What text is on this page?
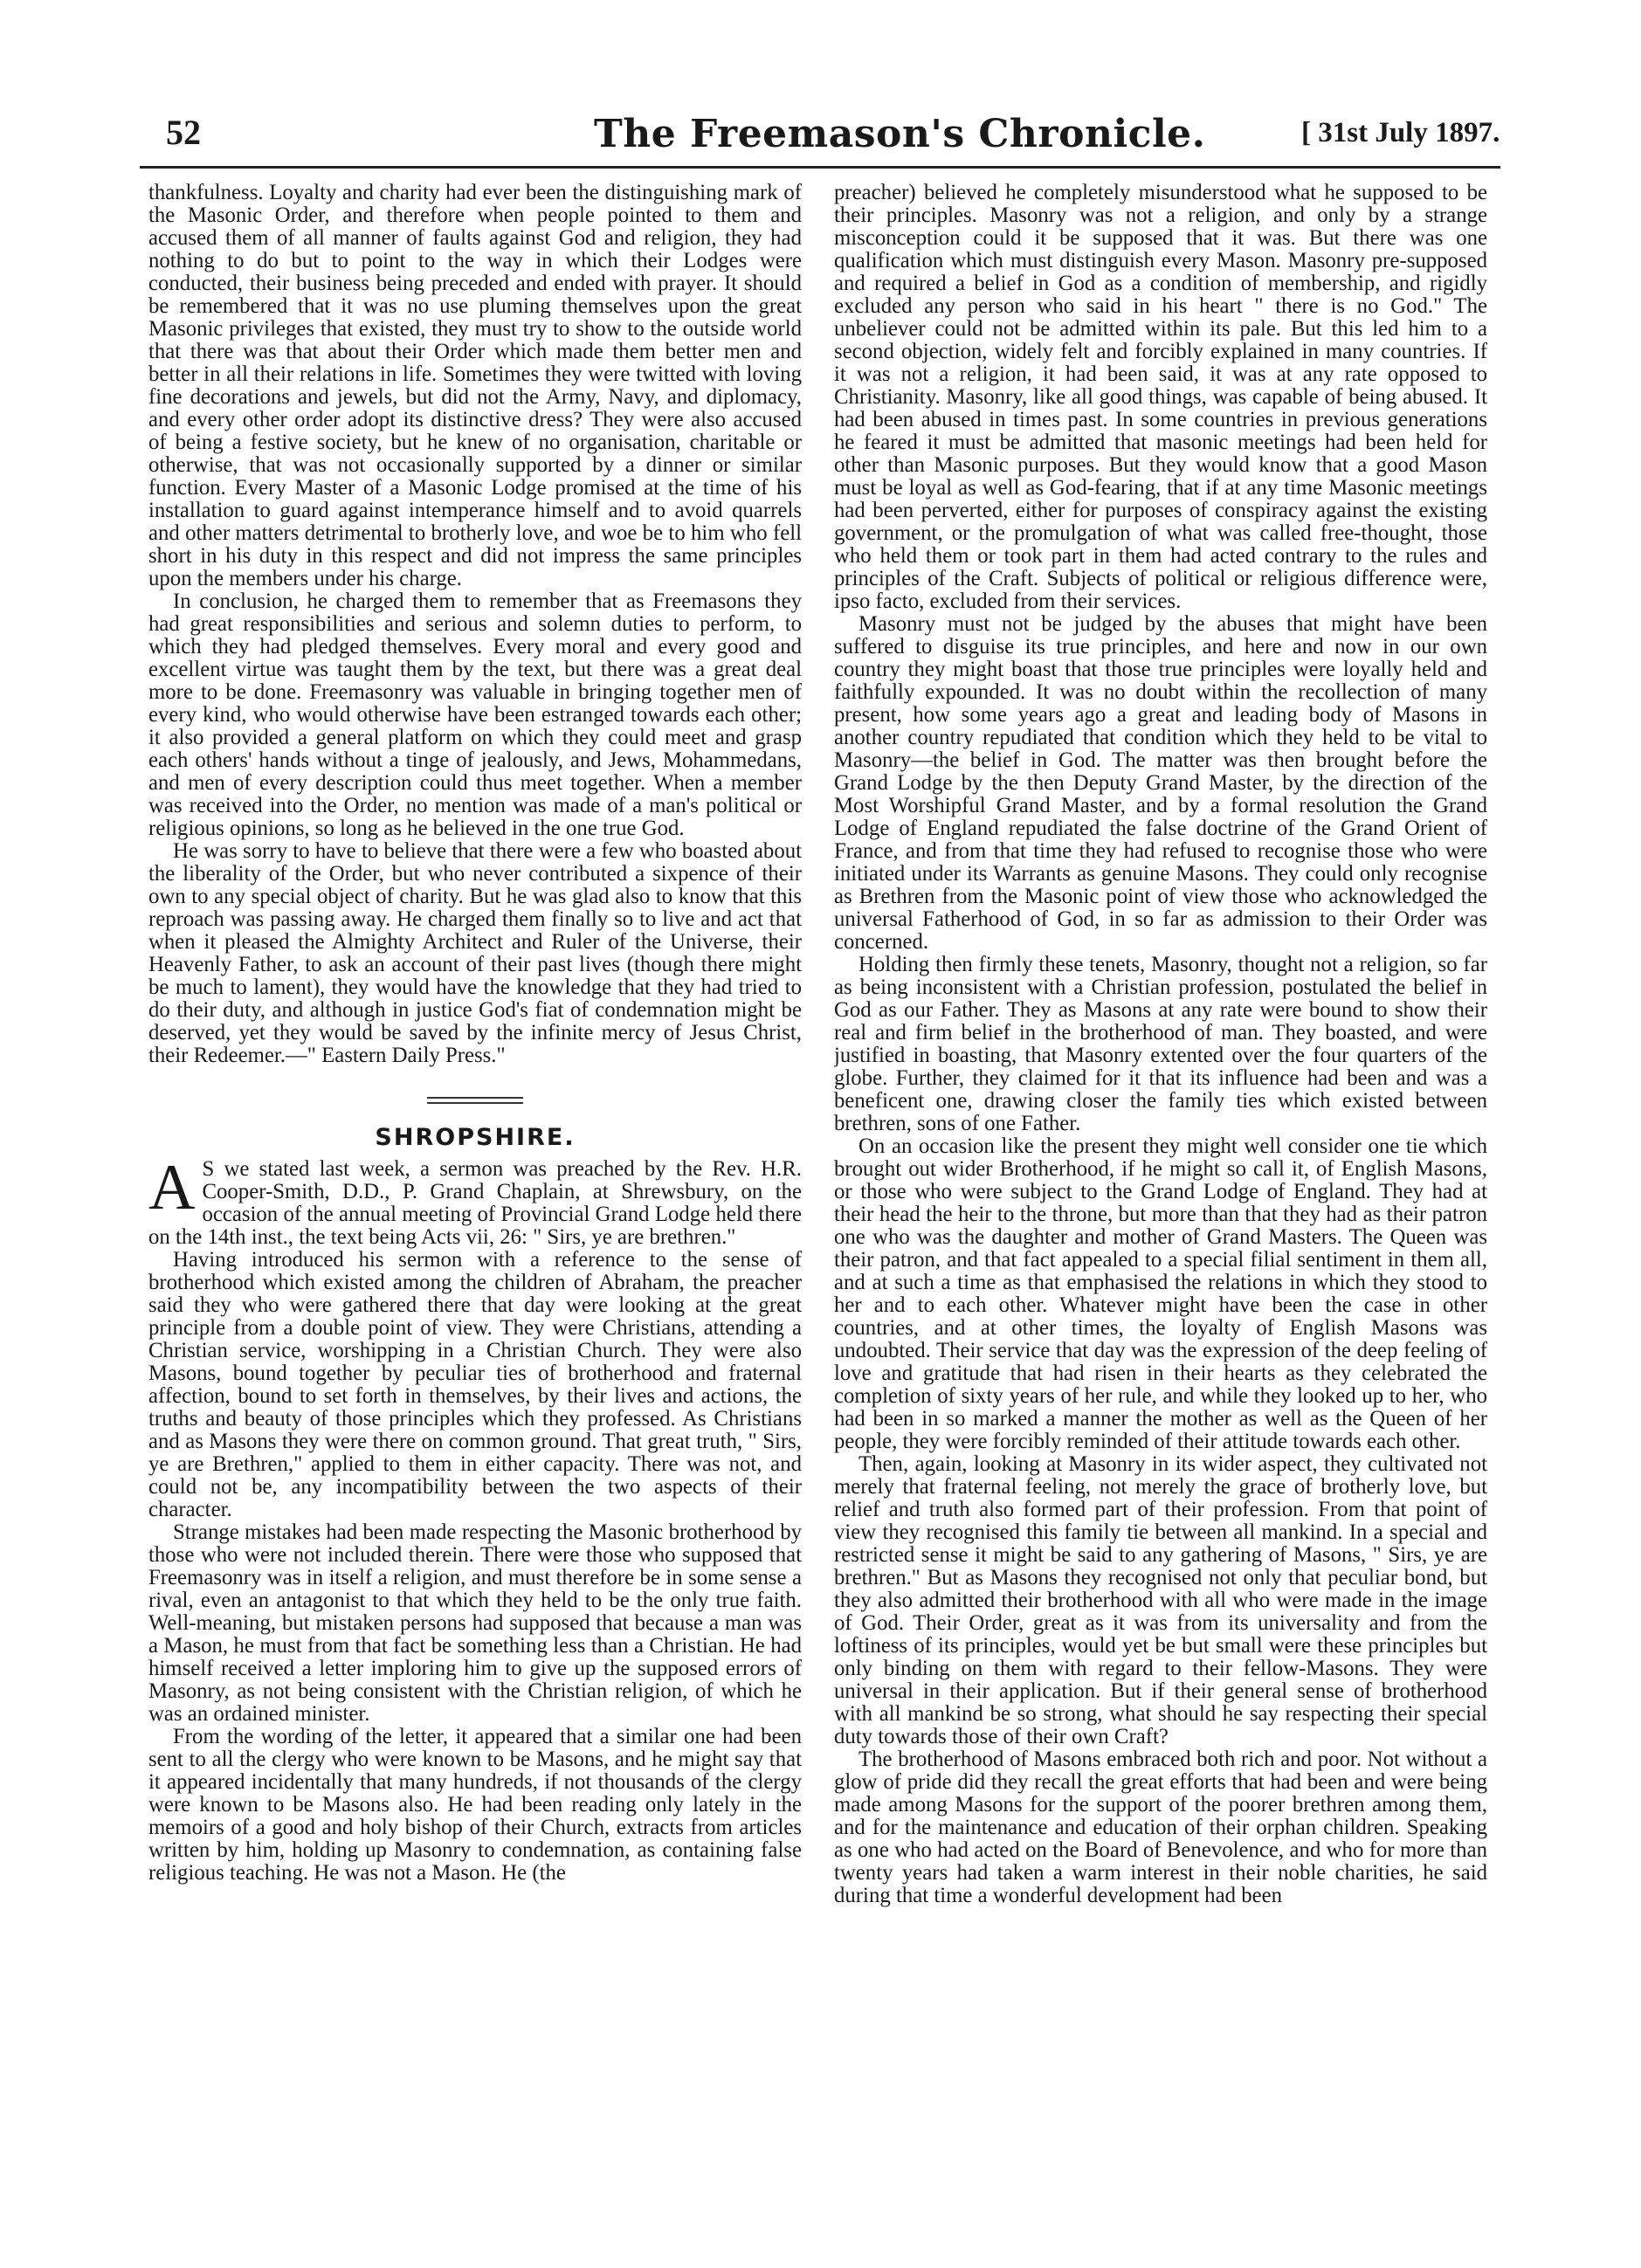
52	The Freemason's Chronicle.	[ 31st July 1897.

thankfulness. Loyalty and charity had ever been the distinguishing mark of the Masonic Order, and therefore when people pointed to them and accused them of all manner of faults against God and religion, they had nothing to do but to point to the way in which their Lodges were conducted, their business being preceded and ended with prayer. It should be remembered that it was no use pluming themselves upon the great Masonic privileges that existed, they must try to show to the outside world that there was that about their Order which made them better men and better in all their relations in life. Sometimes they were twitted with loving fine decorations and jewels, but did not the Army, Navy, and diplomacy, and every other order adopt its distinctive dress? They were also accused of being a festive society, but he knew of no organisation, charitable or otherwise, that was not occasionally supported by a dinner or similar function. Every Master of a Masonic Lodge promised at the time of his installation to guard against intemperance himself and to avoid quarrels and other matters detrimental to brotherly love, and woe be to him who fell short in his duty in this respect and did not impress the same principles upon the members under his charge.

In conclusion, he charged them to remember that as Freemasons they had great responsibilities and serious and solemn duties to perform, to which they had pledged themselves. Every moral and every good and excellent virtue was taught them by the text, but there was a great deal more to be done. Freemasonry was valuable in bringing together men of every kind, who would otherwise have been estranged towards each other; it also provided a general platform on which they could meet and grasp each others' hands without a tinge of jealously, and Jews, Mohammedans, and men of every description could thus meet together. When a member was received into the Order, no mention was made of a man's political or religious opinions, so long as he believed in the one true God.

He was sorry to have to believe that there were a few who boasted about the liberality of the Order, but who never contributed a sixpence of their own to any special object of charity. But he was glad also to know that this reproach was passing away. He charged them finally so to live and act that when it pleased the Almighty Architect and Ruler of the Universe, their Heavenly Father, to ask an account of their past lives (though there might be much to lament), they would have the knowledge that they had tried to do their duty, and although in justice God's fiat of condemnation might be deserved, yet they would be saved by the infinite mercy of Jesus Christ, their Redeemer.—" Eastern Daily Press."

SHROPSHIRE.

A S we stated last week, a sermon was preached by the Rev. H.R. Cooper-Smith, D.D., P. Grand Chaplain, at Shrewsbury, on the occasion of the annual meeting of Provincial Grand Lodge held there on the 14th inst., the text being Acts vii, 26: " Sirs, ye are brethren."

Having introduced his sermon with a reference to the sense of brotherhood which existed among the children of Abraham, the preacher said they who were gathered there that day were looking at the great principle from a double point of view. They were Christians, attending a Christian service, worshipping in a Christian Church. They were also Masons, bound together by peculiar ties of brotherhood and fraternal affection, bound to set forth in themselves, by their lives and actions, the truths and beauty of those principles which they professed. As Christians and as Masons they were there on common ground. That great truth, " Sirs, ye are Brethren," applied to them in either capacity. There was not, and could not be, any incompatibility between the two aspects of their character.

Strange mistakes had been made respecting the Masonic brotherhood by those who were not included therein. There were those who supposed that Freemasonry was in itself a religion, and must therefore be in some sense a rival, even an antagonist to that which they held to be the only true faith. Well-meaning, but mistaken persons had supposed that because a man was a Mason, he must from that fact be something less than a Christian. He had himself received a letter imploring him to give up the supposed errors of Masonry, as not being consistent with the Christian religion, of which he was an ordained minister.

From the wording of the letter, it appeared that a similar one had been sent to all the clergy who were known to be Masons, and he might say that it appeared incidentally that many hundreds, if not thousands of the clergy were known to be Masons also. He had been reading only lately in the memoirs of a good and holy bishop of their Church, extracts from articles written by him, holding up Masonry to condemnation, as containing false religious teaching. He was not a Mason. He (the

preacher) believed he completely misunderstood what he supposed to be their principles. Masonry was not a religion, and only by a strange misconception could it be supposed that it was. But there was one qualification which must distinguish every Mason. Masonry pre-supposed and required a belief in God as a condition of membership, and rigidly excluded any person who said in his heart " there is no God." The unbeliever could not be admitted within its pale. But this led him to a second objection, widely felt and forcibly explained in many countries. If it was not a religion, it had been said, it was at any rate opposed to Christianity. Masonry, like all good things, was capable of being abused. It had been abused in times past. In some countries in previous generations he feared it must be admitted that masonic meetings had been held for other than Masonic purposes. But they would know that a good Mason must be loyal as well as God-fearing, that if at any time Masonic meetings had been perverted, either for purposes of conspiracy against the existing government, or the promulgation of what was called free-thought, those who held them or took part in them had acted contrary to the rules and principles of the Craft. Subjects of political or religious difference were, ipso facto, excluded from their services.

Masonry must not be judged by the abuses that might have been suffered to disguise its true principles, and here and now in our own country they might boast that those true principles were loyally held and faithfully expounded. It was no doubt within the recollection of many present, how some years ago a great and leading body of Masons in another country repudiated that condition which they held to be vital to Masonry—the belief in God. The matter was then brought before the Grand Lodge by the then Deputy Grand Master, by the direction of the Most Worshipful Grand Master, and by a formal resolution the Grand Lodge of England repudiated the false doctrine of the Grand Orient of France, and from that time they had refused to recognise those who were initiated under its Warrants as genuine Masons. They could only recognise as Brethren from the Masonic point of view those who acknowledged the universal Fatherhood of God, in so far as admission to their Order was concerned.

Holding then firmly these tenets, Masonry, thought not a religion, so far as being inconsistent with a Christian profession, postulated the belief in God as our Father. They as Masons at any rate were bound to show their real and firm belief in the brotherhood of man. They boasted, and were justified in boasting, that Masonry extented over the four quarters of the globe. Further, they claimed for it that its influence had been and was a beneficent one, drawing closer the family ties which existed between brethren, sons of one Father.

On an occasion like the present they might well consider one tie which brought out wider Brotherhood, if he might so call it, of English Masons, or those who were subject to the Grand Lodge of England. They had at their head the heir to the throne, but more than that they had as their patron one who was the daughter and mother of Grand Masters. The Queen was their patron, and that fact appealed to a special filial sentiment in them all, and at such a time as that emphasised the relations in which they stood to her and to each other. Whatever might have been the case in other countries, and at other times, the loyalty of English Masons was undoubted. Their service that day was the expression of the deep feeling of love and gratitude that had risen in their hearts as they celebrated the completion of sixty years of her rule, and while they looked up to her, who had been in so marked a manner the mother as well as the Queen of her people, they were forcibly reminded of their attitude towards each other.

Then, again, looking at Masonry in its wider aspect, they cultivated not merely that fraternal feeling, not merely the grace of brotherly love, but relief and truth also formed part of their profession. From that point of view they recognised this family tie between all mankind. In a special and restricted sense it might be said to any gathering of Masons, " Sirs, ye are brethren." But as Masons they recognised not only that peculiar bond, but they also admitted their brotherhood with all who were made in the image of God. Their Order, great as it was from its universality and from the loftiness of its principles, would yet be but small were these principles but only binding on them with regard to their fellow-Masons. They were universal in their application. But if their general sense of brotherhood with all mankind be so strong, what should he say respecting their special duty towards those of their own Craft?

The brotherhood of Masons embraced both rich and poor. Not without a glow of pride did they recall the great efforts that had been and were being made among Masons for the support of the poorer brethren among them, and for the maintenance and education of their orphan children. Speaking as one who had acted on the Board of Benevolence, and who for more than twenty years had taken a warm interest in their noble charities, he said during that time a wonderful development had been
